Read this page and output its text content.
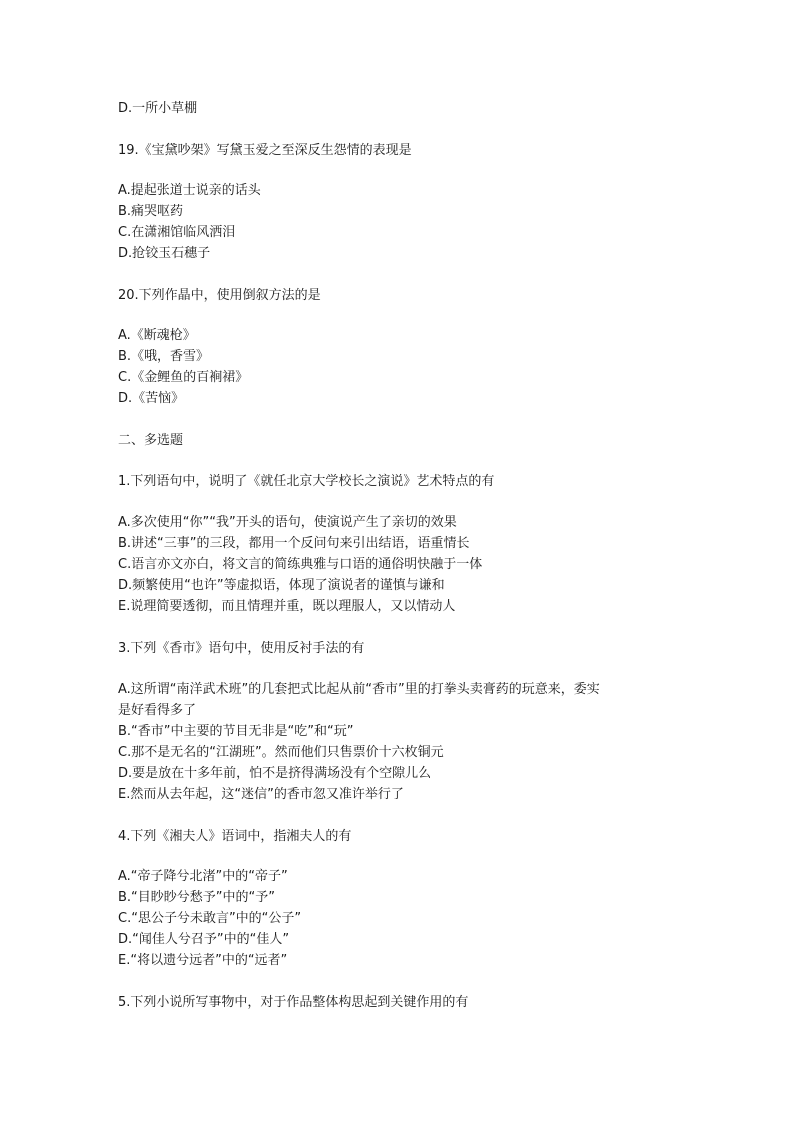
D.一所小草棚
19.《宝黛吵架》写黛玉爱之至深反生怨情的表现是
A.提起张道士说亲的话头
B.痛哭呕药
C.在潇湘馆临风洒泪
D.抢铰玉石穗子
20.下列作晶中，使用倒叙方法的是
A.《断魂枪》
B.《哦，香雪》
C.《金鲤鱼的百裥裙》
D.《苦恼》
二、多选题
1.下列语句中，说明了《就任北京大学校长之演说》艺术特点的有
A.多次使用“你”“我”开头的语句，使演说产生了亲切的效果
B.讲述“三事”的三段，都用一个反问句来引出结语，语重情长
C.语言亦文亦白，将文言的简练典雅与口语的通俗明快融于一体
D.频繁使用“也许”等虚拟语，体现了演说者的谨慎与谦和
E.说理简要透彻，而且情理并重，既以理服人，又以情动人
3.下列《香市》语句中，使用反衬手法的有
A.这所谓“南洋武术班”的几套把式比起从前“香市”里的打拳头卖膏药的玩意来，委实
是好看得多了
B.“香市”中主要的节目无非是“吃”和“玩”
C.那不是无名的“江湖班”。然而他们只售票价十六枚铜元
D.要是放在十多年前，怕不是挤得满场没有个空隙儿么
E.然而从去年起，这“迷信”的香市忽又准许举行了
4.下列《湘夫人》语词中，指湘夫人的有
A.“帝子降兮北渚”中的“帝子”
B.“目眇眇兮愁予”中的“予”
C.“思公子兮未敢言”中的“公子”
D.“闻佳人兮召予”中的“佳人”
E.“将以遗兮远者”中的“远者”
5.下列小说所写事物中，对于作品整体构思起到关键作用的有
